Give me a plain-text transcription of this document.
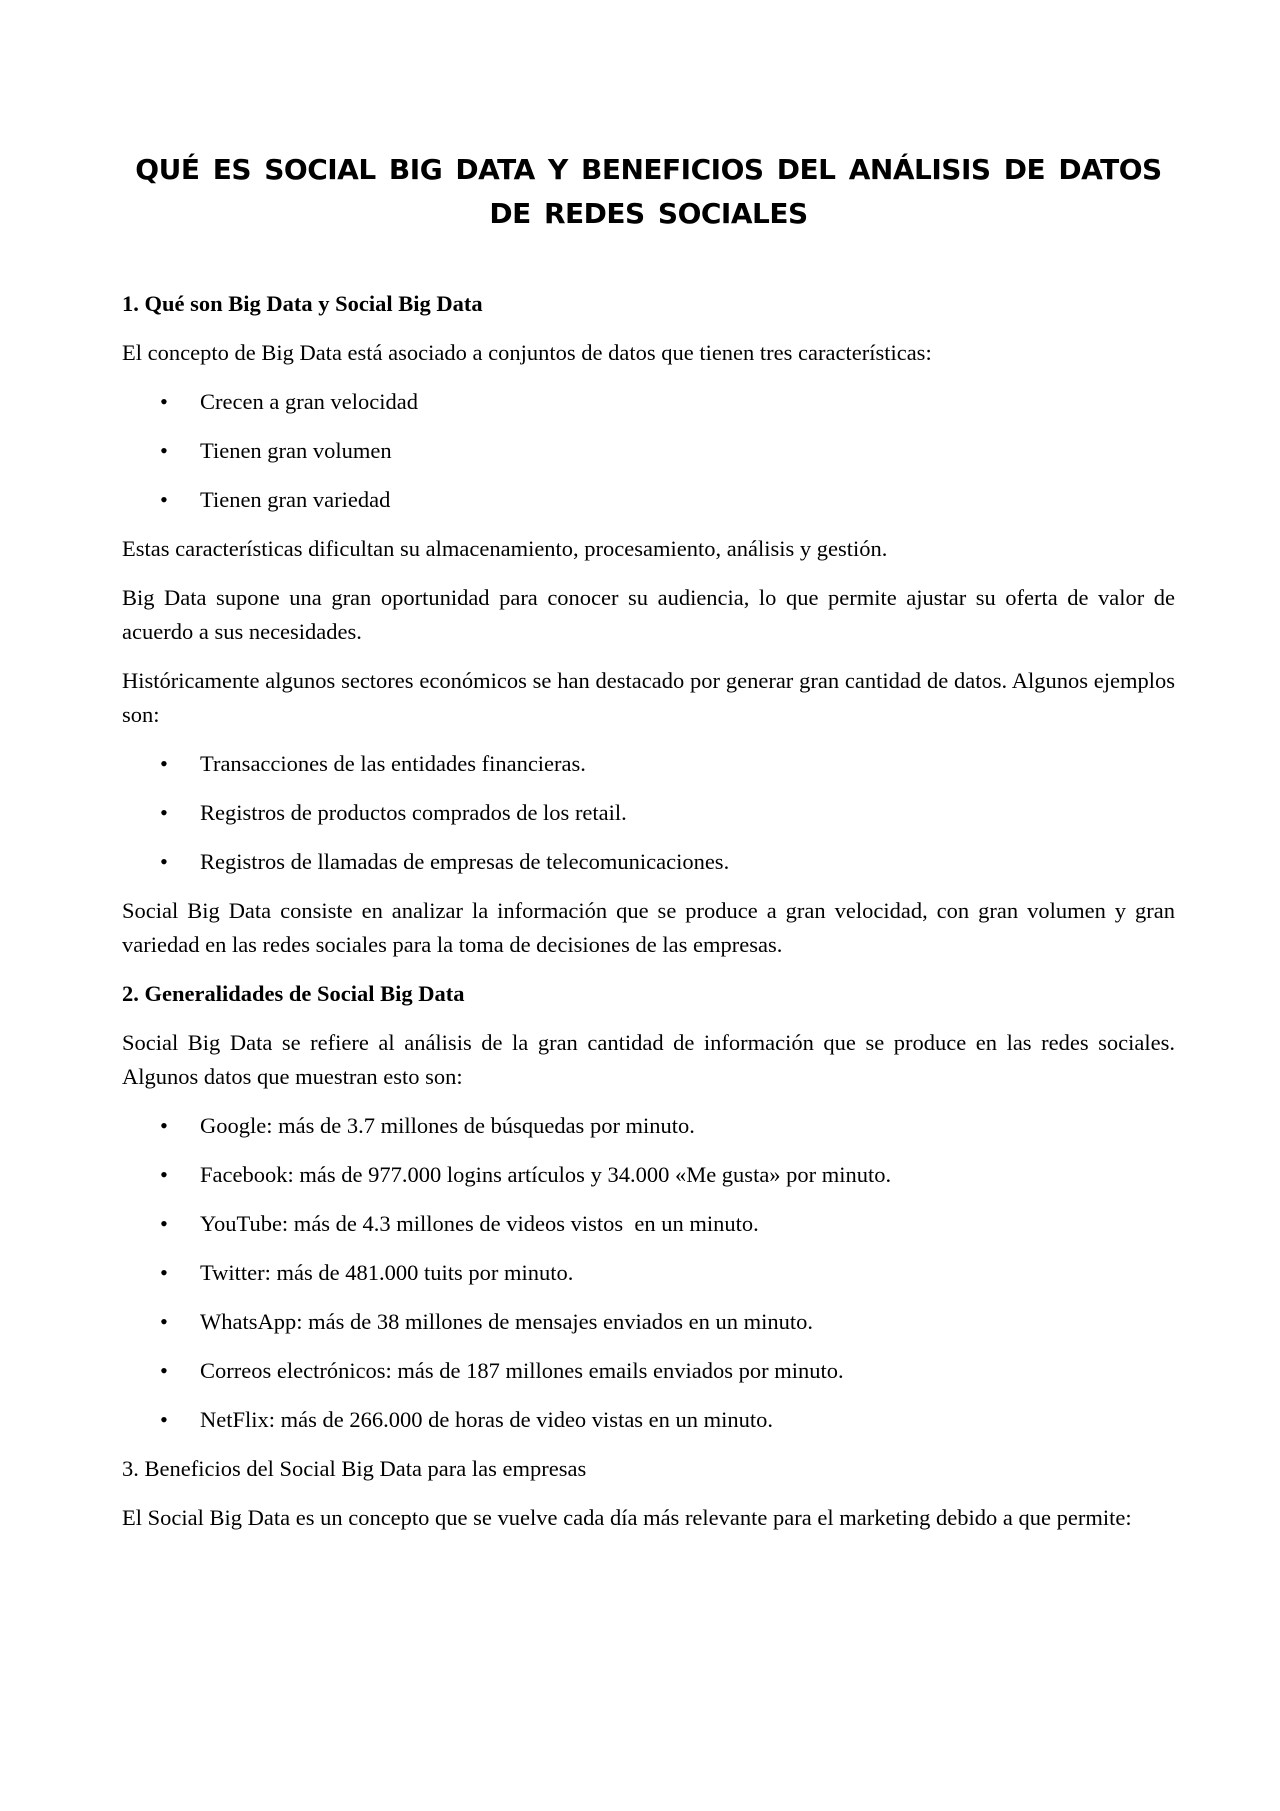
QUÉ ES SOCIAL BIG DATA Y BENEFICIOS DEL ANÁLISIS DE DATOS
DE REDES SOCIALES
1. Qué son Big Data y Social Big Data

El concepto de Big Data está asociado a conjuntos de datos que tienen tres características:

• Crecen a gran velocidad
• Tienen gran volumen
• Tienen gran variedad

Estas características dificultan su almacenamiento, procesamiento, análisis y gestión.

Big Data supone una gran oportunidad para conocer su audiencia, lo que permite ajustar su oferta de valor de acuerdo a sus necesidades.

Históricamente algunos sectores económicos se han destacado por generar gran cantidad de datos. Algunos ejemplos son:

• Transacciones de las entidades financieras.
• Registros de productos comprados de los retail.
• Registros de llamadas de empresas de telecomunicaciones.

Social Big Data consiste en analizar la información que se produce a gran velocidad, con gran volumen y gran variedad en las redes sociales para la toma de decisiones de las empresas.

2. Generalidades de Social Big Data

Social Big Data se refiere al análisis de la gran cantidad de información que se produce en las redes sociales. Algunos datos que muestran esto son:

• Google: más de 3.7 millones de búsquedas por minuto.
• Facebook: más de 977.000 logins artículos y 34.000 «Me gusta» por minuto.
• YouTube: más de 4.3 millones de videos vistos  en un minuto.
• Twitter: más de 481.000 tuits por minuto.
• WhatsApp: más de 38 millones de mensajes enviados en un minuto.
• Correos electrónicos: más de 187 millones emails enviados por minuto.
• NetFlix: más de 266.000 de horas de video vistas en un minuto.
3. Beneficios del Social Big Data para las empresas

El Social Big Data es un concepto que se vuelve cada día más relevante para el marketing debido a que permite:
